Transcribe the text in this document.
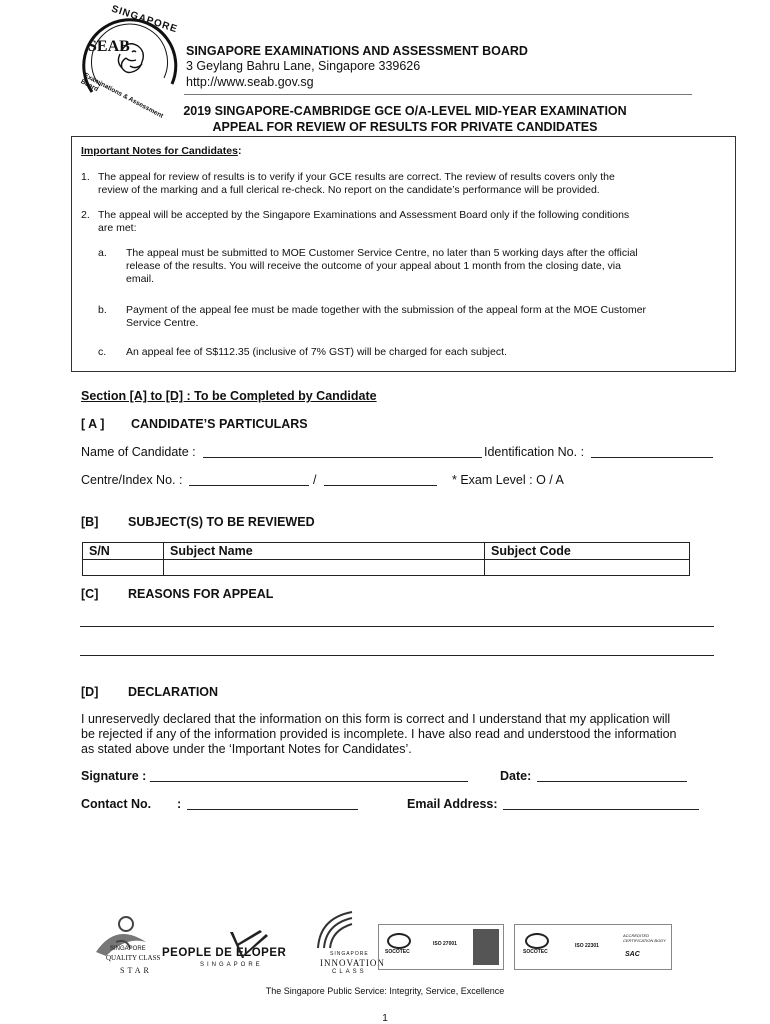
SINGAPORE
SEAB
Examinations & Assessment Board
SINGAPORE EXAMINATIONS AND ASSESSMENT BOARD
3 Geylang Bahru Lane, Singapore 339626
http://www.seab.gov.sg
2019 SINGAPORE-CAMBRIDGE GCE O/A-LEVEL MID-YEAR EXAMINATION
APPEAL FOR REVIEW OF RESULTS FOR PRIVATE CANDIDATES
Important Notes for Candidates:
1. The appeal for review of results is to verify if your GCE results are correct. The review of results covers only the
review of the marking and a full clerical re-check. No report on the candidate’s performance will be provided.
2. The appeal will be accepted by the Singapore Examinations and Assessment Board only if the following conditions
are met:
a. The appeal must be submitted to MOE Customer Service Centre, no later than 5 working days after the official
release of the results. You will receive the outcome of your appeal about 1 month from the closing date, via
email.
b. Payment of the appeal fee must be made together with the submission of the appeal form at the MOE Customer
Service Centre.
c. An appeal fee of S$112.35 (inclusive of 7% GST) will be charged for each subject.
Section [A] to [D] : To be Completed by Candidate
[ A ] CANDIDATE’S PARTICULARS
Name of Candidate :	Identification No. :
Centre/Index No. :	/	* Exam Level : O / A
[B] SUBJECT(S) TO BE REVIEWED
S/N	Subject Name	Subject Code

[C] REASONS FOR APPEAL
[D] DECLARATION
I unreservedly declared that the information on this form is correct and I understand that my application will
be rejected if any of the information provided is incomplete. I have also read and understood the information
as stated above under the ‘Important Notes for Candidates’.
Signature :	Date:
Contact No. :	Email Address:
SINGAPORE
QUALITY CLASS
STAR
PEOPLE DE ELOPER
SINGAPORE
SINGAPORE
INNOVATION
CLASS
SOCOTEC
ISO 27001
SOCOTEC
ISO 22301
ACCREDITED CERTIFICATION BODY
SAC
The Singapore Public Service: Integrity, Service, Excellence
1
